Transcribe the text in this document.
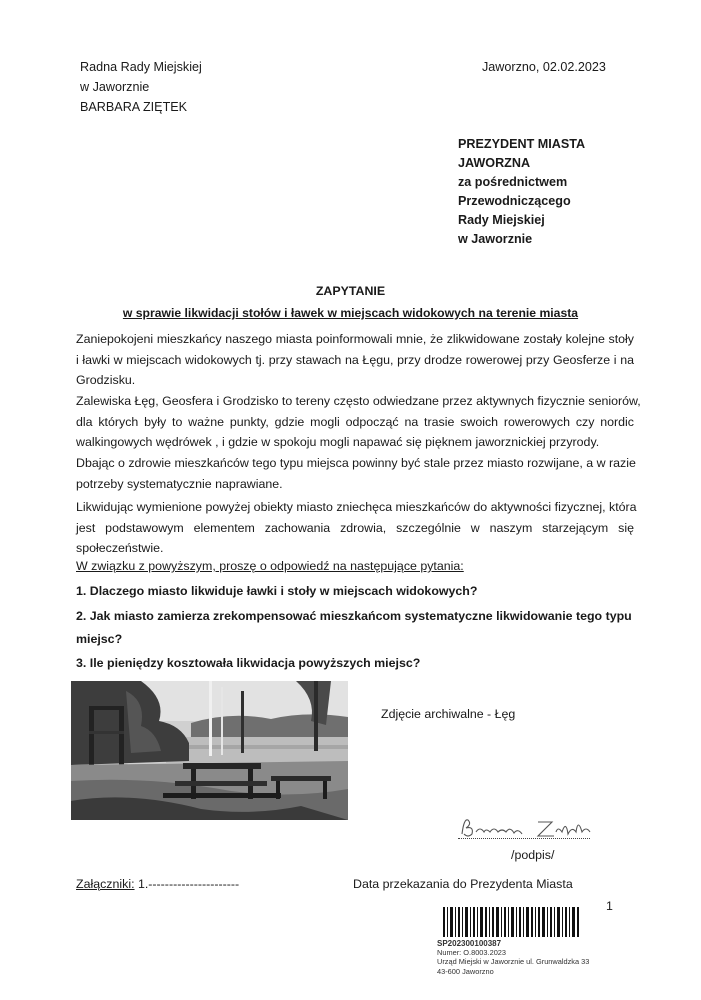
Radna Rady Miejskiej
w Jaworznie
BARBARA ZIĘTEK
Jaworzno, 02.02.2023
PREZYDENT MIASTA
JAWORZNA
za pośrednictwem
Przewodniczącego
Rady Miejskiej
w Jaworznie
ZAPYTANIE
w sprawie likwidacji stołów i ławek w miejscach widokowych na terenie miasta
Zaniepokojeni mieszkańcy naszego miasta poinformowali mnie, że zlikwidowane zostały kolejne stoły
i ławki w miejscach widokowych tj. przy stawach na Łęgu, przy drodze rowerowej przy Geosferze i na
Grodzisku.
Zalewiska Łęg, Geosfera i Grodzisko to tereny często odwiedzane przez aktywnych fizycznie seniorów,
dla których były to ważne punkty, gdzie mogli odpocząć na trasie swoich rowerowych czy nordic
walkingowych wędrówek , i gdzie w spokoju mogli napawać się pięknem jaworznickiej przyrody.
Dbając o zdrowie mieszkańców tego typu miejsca powinny być stale przez miasto rozwijane, a w razie
potrzeby systematycznie naprawiane.
Likwidując wymienione powyżej obiekty miasto zniechęca mieszkańców do aktywności fizycznej, która
jest podstawowym elementem zachowania zdrowia, szczególnie w naszym starzejącym się
społeczeństwie.
W związku z powyższym, proszę o odpowiedź na następujące pytania:
1. Dlaczego miasto likwiduje ławki i stoły w miejscach widokowych?
2. Jak miasto zamierza zrekompensować mieszkańcom systematyczne likwidowanie tego typu
miejsc?
3. Ile pieniędzy kosztowała likwidacja powyższych miejsc?
Zdjęcie archiwalne - Łęg
/podpis/
Załączniki: 1.----------------------	Data przekazania do Prezydenta Miasta
1
SP202300100387
Numer: O.8003.2023
Urząd Miejski w Jaworznie ul. Grunwaldzka 33
43-600 Jaworzno
